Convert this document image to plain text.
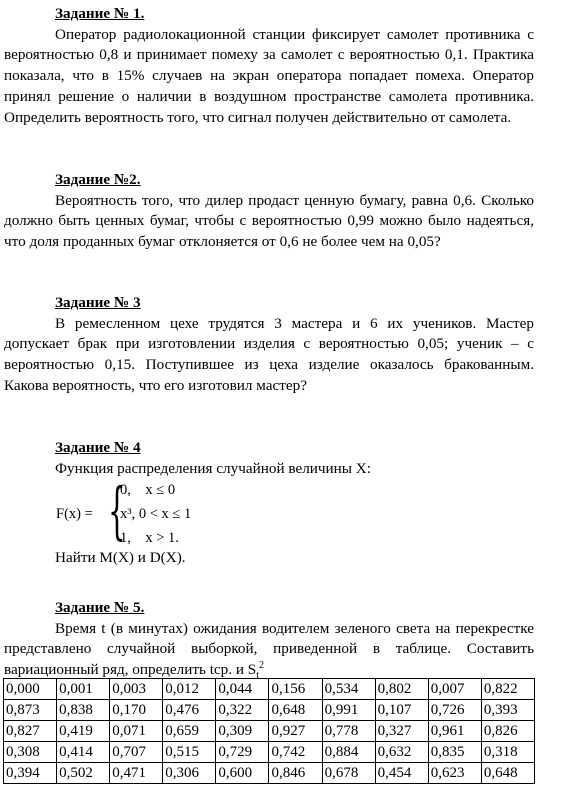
Задание № 1.

Оператор радиолокационной станции фиксирует самолет противника с вероятностью 0,8 и принимает помеху за самолет с вероятностью 0,1. Практика показала, что в 15% случаев на экран оператора попадает помеха. Оператор принял решение о наличии в воздушном пространстве самолета противника. Определить вероятность того, что сигнал получен действительно от самолета.

Задание №2.

Вероятность того, что дилер продаст ценную бумагу, равна 0,6. Сколько должно быть ценных бумаг, чтобы с вероятностью 0,99 можно было надеяться, что доля проданных бумаг отклоняется от 0,6 не более чем на 0,05?

Задание № 3

В ремесленном цехе трудятся 3 мастера и 6 их учеников. Мастер допускает брак при изготовлении изделия с вероятностью 0,05; ученик – с вероятностью 0,15. Поступившее из цеха изделие оказалось бракованным. Какова вероятность, что его изготовил мастер?

Задание № 4

Функция распределения случайной величины X:

Найти M(X) и D(X).

F(x) = {
0,    x ≤ 0
x³, 0 < x ≤ 1
1,    x > 1.
Задание № 5.

Время t (в минутах) ожидания водителем зеленого света на перекрестке представлено случайной выборкой, приведенной в таблице. Составить вариационный ряд, определить tср. и $S_t^2$

0,000	0,001	0,003	0,012	0,044	0,156	0,534	0,802	0,007	0,822
0,873	0,838	0,170	0,476	0,322	0,648	0,991	0,107	0,726	0,393
0,827	0,419	0,071	0,659	0,309	0,927	0,778	0,327	0,961	0,826
0,308	0,414	0,707	0,515	0,729	0,742	0,884	0,632	0,835	0,318
0,394	0,502	0,471	0,306	0,600	0,846	0,678	0,454	0,623	0,648
